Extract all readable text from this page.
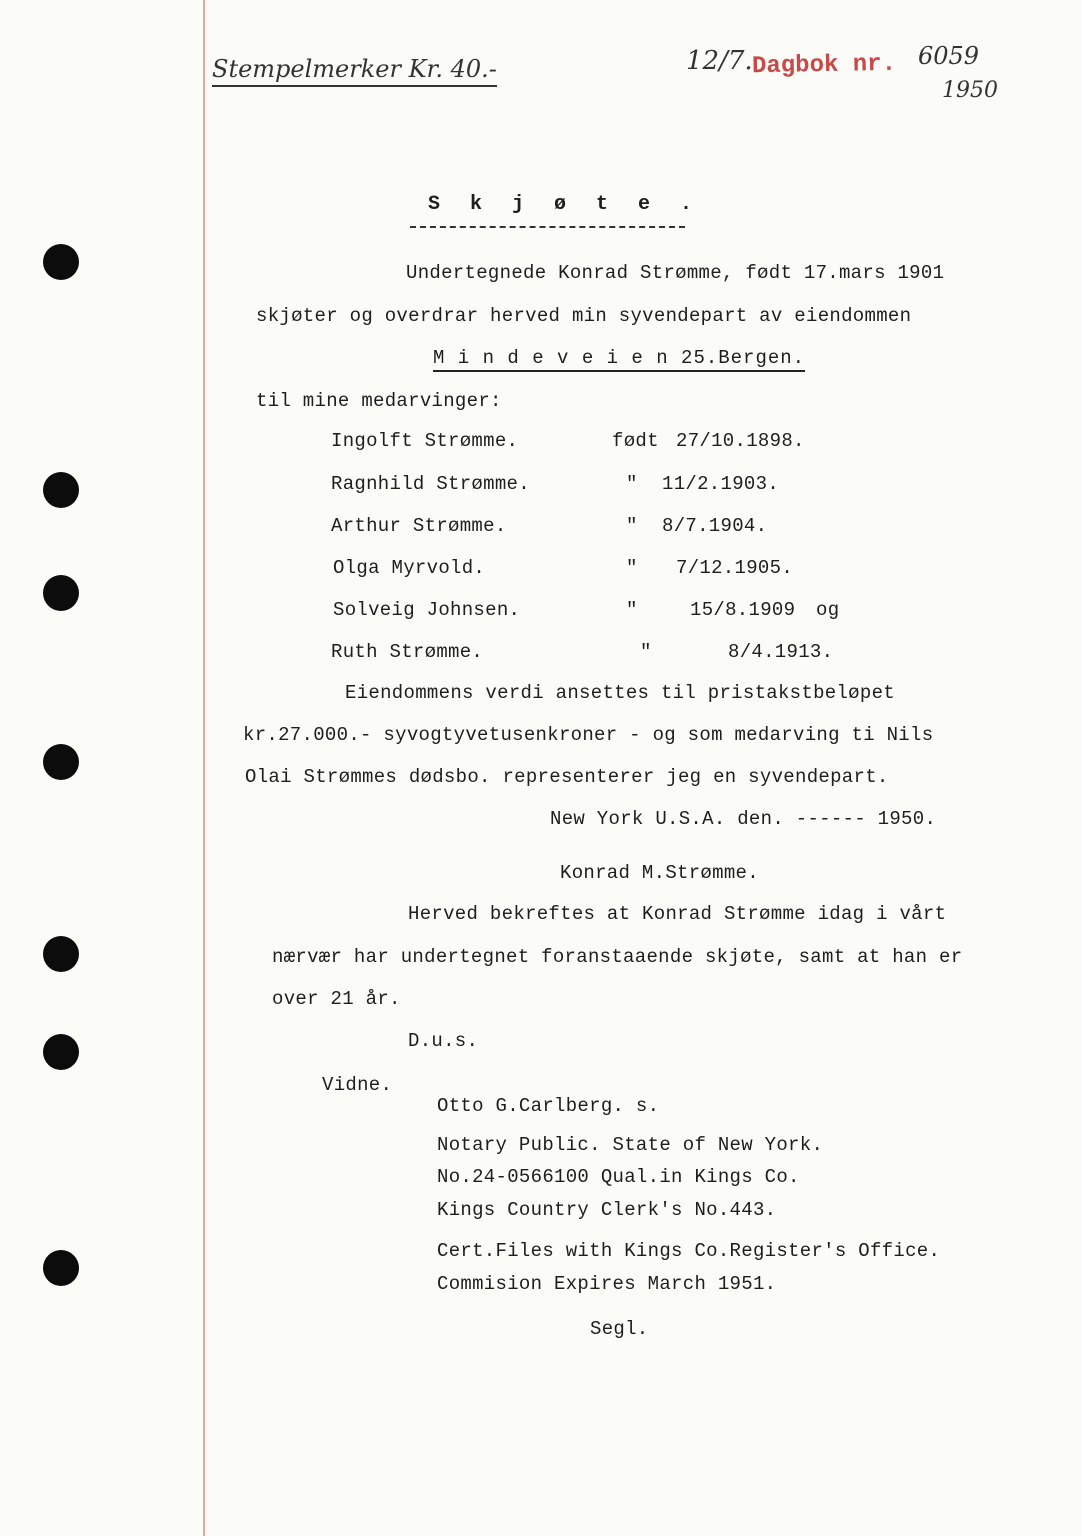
Stempelmerker Kr. 40.-	12/7. Dagbok nr. 6059
1950
S k j ø t e .
Undertegnede Konrad Strømme, født 17.mars 1901
skjøter og overdrar herved min syvendepart av eiendommen
M i n d e v e i e n 25.Bergen.
til mine medarvinger:
Ingolft Strømme.	født 27/10.1898.
Ragnhild Strømme.	" 11/2.1903.
Arthur Strømme.	" 8/7.1904.
Olga Myrvold.	" 7/12.1905.
Solveig Johnsen.	"	15/8.1909 og
Ruth Strømme.	"	8/4.1913.
Eiendommens verdi ansettes til pristakstbeløpet
kr.27.000.- syvogtyvetusenkroner - og som medarving ti Nils
Olai Strømmes dødsbo. representerer jeg en syvendepart.
New York U.S.A. den. ------ 1950.
Konrad M.Strømme.
Herved bekreftes at Konrad Strømme idag i vårt
nærvær har undertegnet foranstaaende skjøte, samt at han er
over 21 år.
D.u.s.
Vidne.
Otto G.Carlberg. s.
Notary Public. State of New York.
No.24-0566100 Qual.in Kings Co.
Kings Country Clerk's No.443.
Cert.Files with Kings Co.Register's Office.
Commision Expires March 1951.
Segl.
